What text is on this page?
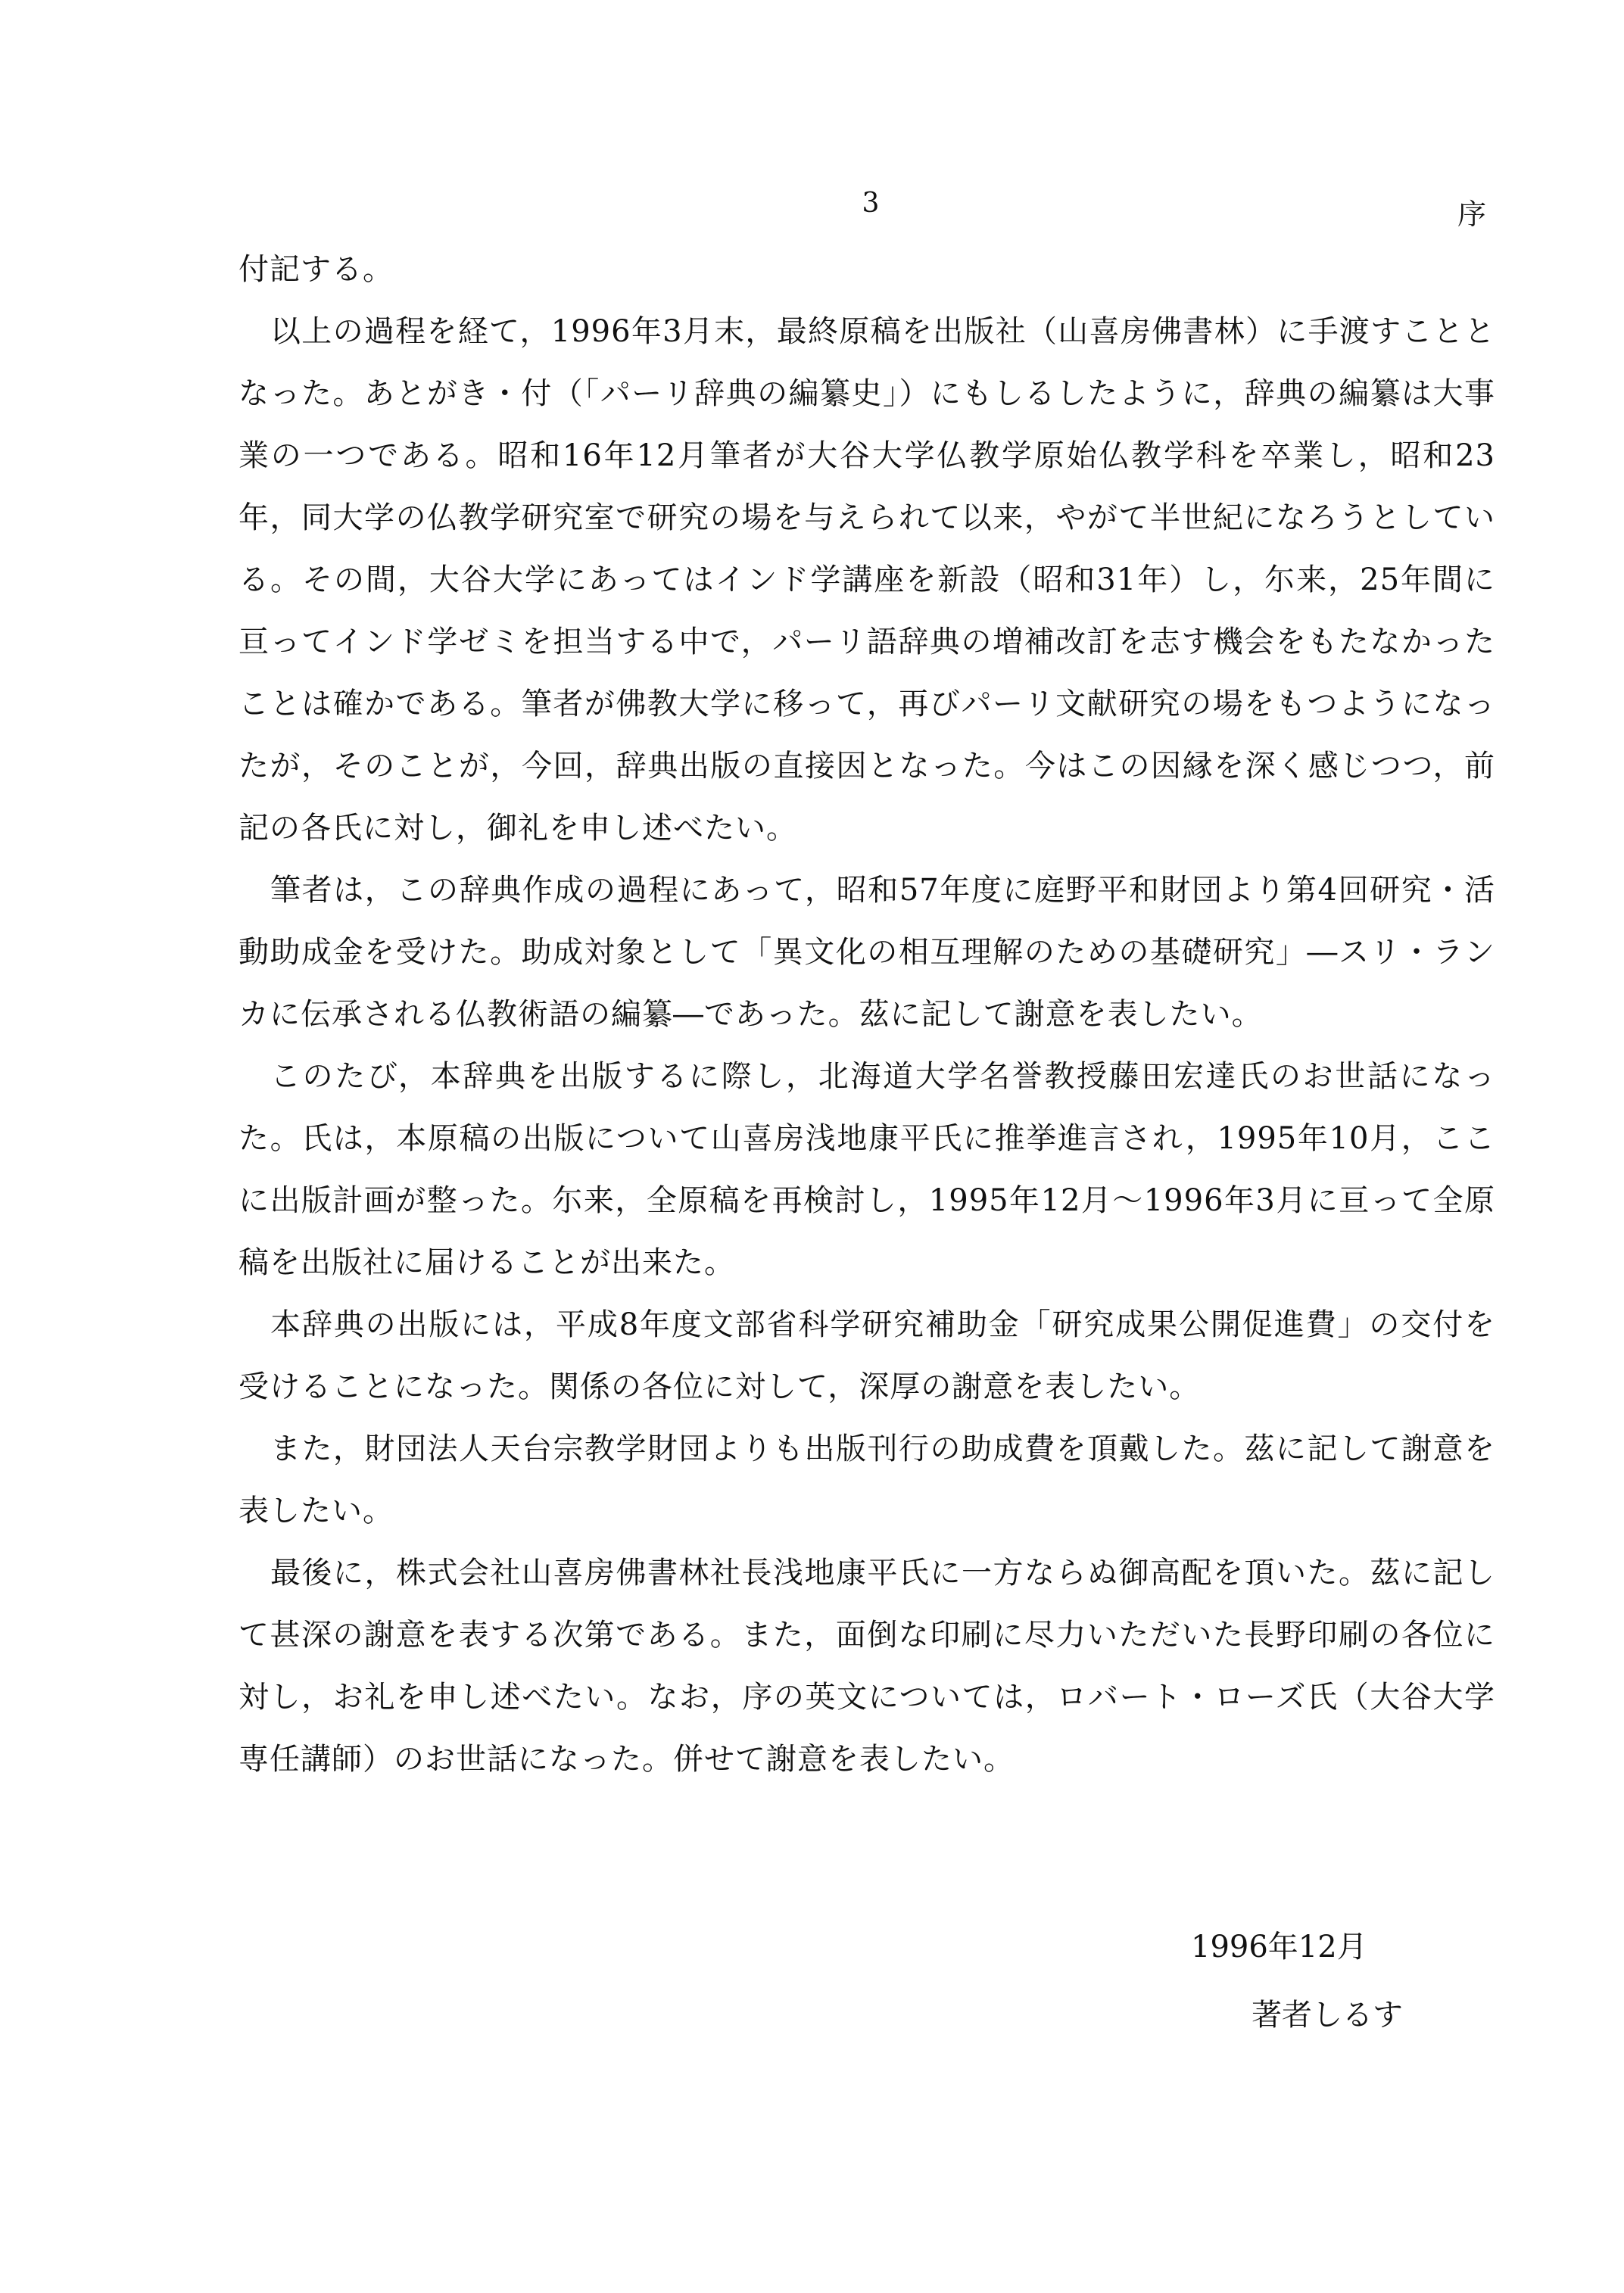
3	序

付記する。

以上の過程を経て，1996年3月末，最終原稿を出版社（山喜房佛書林）に手渡すこととなった。あとがき・付（「パーリ辞典の編纂史」）にもしるしたように，辞典の編纂は大事業の一つである。昭和16年12月筆者が大谷大学仏教学原始仏教学科を卒業し，昭和23年，同大学の仏教学研究室で研究の場を与えられて以来，やがて半世紀になろうとしている。その間，大谷大学にあってはインド学講座を新設（昭和31年）し，尓来，25年間に亘ってインド学ゼミを担当する中で，パーリ語辞典の増補改訂を志す機会をもたなかったことは確かである。筆者が佛教大学に移って，再びパーリ文献研究の場をもつようになったが，そのことが，今回，辞典出版の直接因となった。今はこの因縁を深く感じつつ，前記の各氏に対し，御礼を申し述べたい。

筆者は，この辞典作成の過程にあって，昭和57年度に庭野平和財団より第4回研究・活動助成金を受けた。助成対象として「異文化の相互理解のための基礎研究」―スリ・ランカに伝承される仏教術語の編纂―であった。茲に記して謝意を表したい。

このたび，本辞典を出版するに際し，北海道大学名誉教授藤田宏達氏のお世話になった。氏は，本原稿の出版について山喜房浅地康平氏に推挙進言され，1995年10月，ここに出版計画が整った。尓来，全原稿を再検討し，1995年12月～1996年3月に亘って全原稿を出版社に届けることが出来た。

本辞典の出版には，平成8年度文部省科学研究補助金「研究成果公開促進費」の交付を受けることになった。関係の各位に対して，深厚の謝意を表したい。

また，財団法人天台宗教学財団よりも出版刊行の助成費を頂戴した。茲に記して謝意を表したい。

最後に，株式会社山喜房佛書林社長浅地康平氏に一方ならぬ御高配を頂いた。茲に記して甚深の謝意を表する次第である。また，面倒な印刷に尽力いただいた長野印刷の各位に対し，お礼を申し述べたい。なお，序の英文については，ロバート・ローズ氏（大谷大学専任講師）のお世話になった。併せて謝意を表したい。

1996年12月
著者しるす
